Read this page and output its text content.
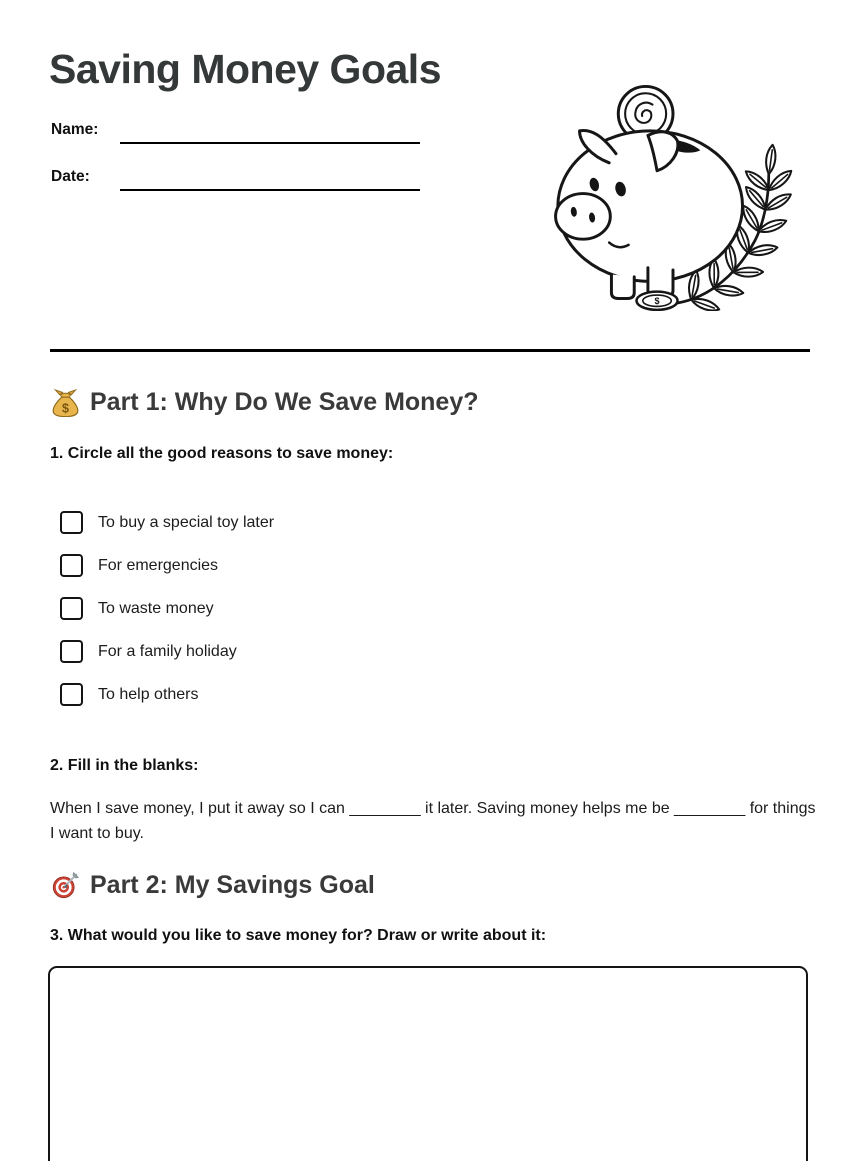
Saving Money Goals
Name:
Date:
$
$ Part 1: Why Do We Save Money?
1. Circle all the good reasons to save money:
To buy a special toy later
For emergencies
To waste money
For a family holiday
To help others
2. Fill in the blanks:
When I save money, I put it away so I can ________ it later. Saving money helps me be ________ for things
I want to buy.
Part 2: My Savings Goal
3. What would you like to save money for? Draw or write about it:
